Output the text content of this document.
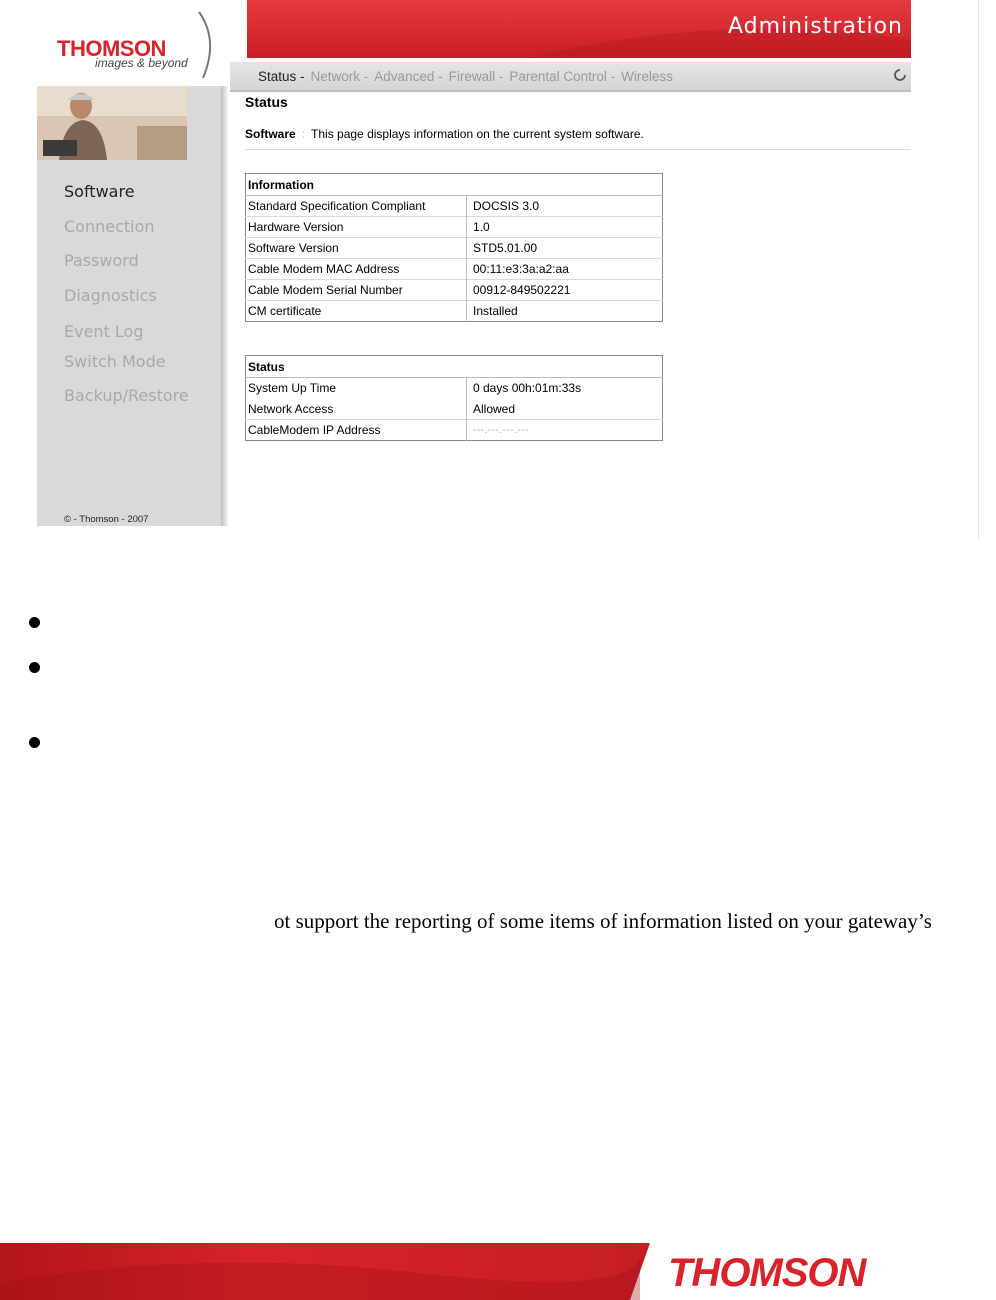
Administration
THOMSON
images & beyond
Status - Network - Advanced - Firewall - Parental Control - Wireless
Software
Connection
Password
Diagnostics
Event Log
Switch Mode
Backup/Restore
© - Thomson - 2007
Status
Software : This page displays information on the current system software.
Information	
Standard Specification Compliant	DOCSIS 3.0
Hardware Version	1.0
Software Version	STD5.01.00
Cable Modem MAC Address	00:11:e3:3a:a2:aa
Cable Modem Serial Number	00912-849502221
CM certificate	Installed
Status	
System Up Time	0 days 00h:01m:33s
Network Access	Allowed
CableModem IP Address	---.---.---.---
ot support the reporting of some items of information listed on your gateway’s
THOMSON
